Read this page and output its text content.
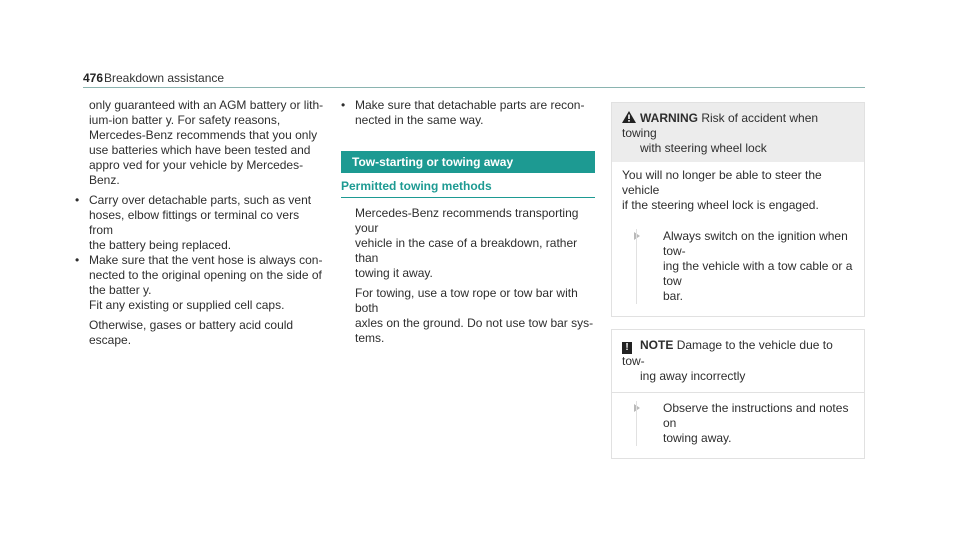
476 Breakdown assistance

only guaranteed with an AGM battery or lith-

ium-ion batter y. For safety reasons,

Mercedes-Benz recommends that you only

use batteries which have been tested and

appro ved for your vehicle by Mercedes-Benz.

• Carry over detachable parts, such as vent

hoses, elbow fittings or terminal co vers from

the battery being replaced.

• Make sure that the vent hose is always con-

nected to the original opening on the side of

the batter y.

Fit any existing or supplied cell caps.

Otherwise, gases or battery acid could

escape.

• Make sure that detachable parts are recon-

nected in the same way.

Tow-starting or towing away
Permitted towing methods

Mercedes-Benz recommends transporting your

vehicle in the case of a breakdown, rather than

towing it away.

For towing, use a tow rope or tow bar with both

axles on the ground. Do not use tow bar sys-

tems.

WARNING Risk of accident when towing

with steering wheel lock

You will no longer be able to steer the vehicle

if the steering wheel lock is engaged.

Always switch on the ignition when tow-

ing the vehicle with a tow cable or a tow

bar.

! NOTE Damage to the vehicle due to tow-

ing away incorrectly

Observe the instructions and notes on

towing away.
